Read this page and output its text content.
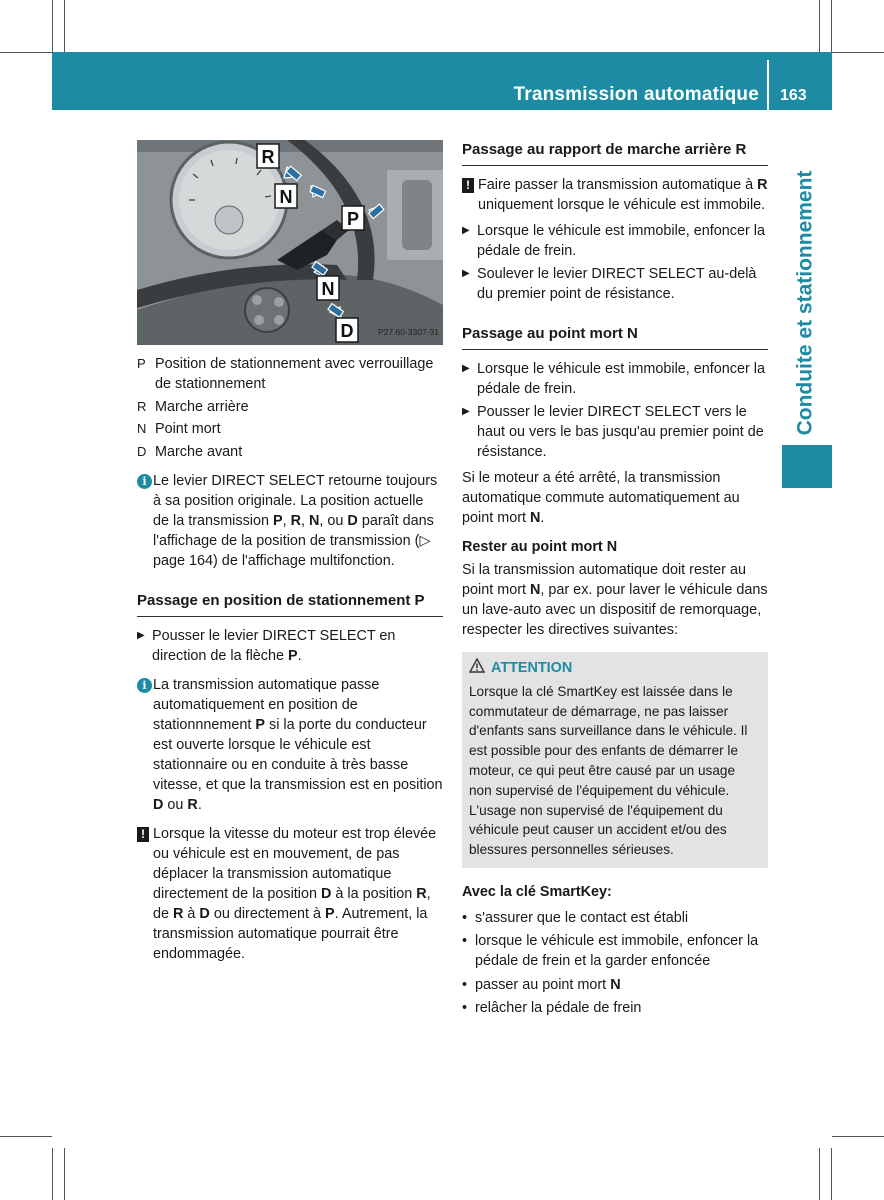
Transmission automatique 163
Conduite et stationnement
R
N
P
N
D	P27.60-3307-31
P Position de stationnement avec verrouillage de stationnement
R Marche arrière
N Point mort
D Marche avant
i Le levier DIRECT SELECT retourne toujours à sa position originale. La position actuelle de la transmission P, R, N, ou D paraît dans l'affichage de la position de transmission (▷ page 164) de l'affichage multifonction.
Passage en position de stationnement P
▶ Pousser le levier DIRECT SELECT en direction de la flèche P.
i La transmission automatique passe automatiquement en position de stationnnement P si la porte du conducteur est ouverte lorsque le véhicule est stationnaire ou en conduite à très basse vitesse, et que la transmission est en position D ou R.
! Lorsque la vitesse du moteur est trop élevée ou véhicule est en mouvement, de pas déplacer la transmission automatique directement de la position D à la position R, de R à D ou directement à P. Autrement, la transmission automatique pourrait être endommagée.
Passage au rapport de marche arrière R
! Faire passer la transmission automatique à R uniquement lorsque le véhicule est immobile.
▶ Lorsque le véhicule est immobile, enfoncer la pédale de frein.
▶ Soulever le levier DIRECT SELECT au-delà du premier point de résistance.
Passage au point mort N
▶ Lorsque le véhicule est immobile, enfoncer la pédale de frein.
▶ Pousser le levier DIRECT SELECT vers le haut ou vers le bas jusqu'au premier point de résistance.
Si le moteur a été arrêté, la transmission automatique commute automatiquement au point mort N.
Rester au point mort N
Si la transmission automatique doit rester au point mort N, par ex. pour laver le véhicule dans un lave-auto avec un dispositif de remorquage, respecter les directives suivantes:
ATTENTION
Lorsque la clé SmartKey est laissée dans le commutateur de démarrage, ne pas laisser d'enfants sans surveillance dans le véhicule. Il est possible pour des enfants de démarrer le moteur, ce qui peut être causé par un usage non supervisé de l'équipement du véhicule. L'usage non supervisé de l'équipement du véhicule peut causer un accident et/ou des blessures personnelles sérieuses.
Avec la clé SmartKey:
• s'assurer que le contact est établi
• lorsque le véhicule est immobile, enfoncer la pédale de frein et la garder enfoncée
• passer au point mort N
• relâcher la pédale de frein
